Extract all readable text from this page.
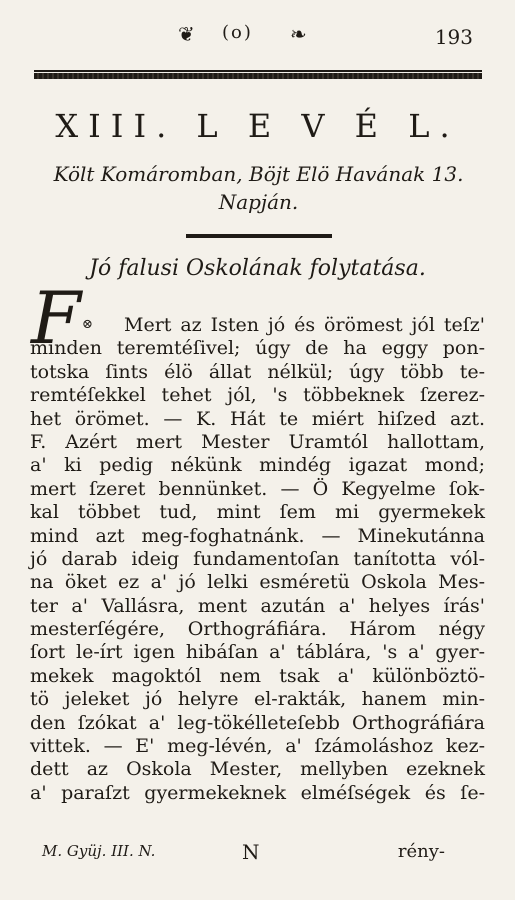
❦ (o) ❧	193
XIII. L E V É L.
Költ Komáromban, Böjt Elö Havának 13. Napján.
Jó falusi Oskolának folytatása.
F ⊗	Mert az Isten jó és örömest jól teſz'
minden teremtéſivel; úgy de ha eggy pon-
totska ſints élö állat nélkül; úgy több te-
remtéſekkel tehet jól, 's többeknek ſzerez-
het örömet. — K. Hát te miért hiſzed azt.
F. Azért mert Mester Uramtól hallottam,
a' ki pedig nékünk mindég igazat mond;
mert ſzeret bennünket. — Ö Kegyelme ſok-
kal többet tud, mint ſem mi gyermekek
mind azt meg-foghatnánk. — Minekutánna
jó darab ideig fundamentoſan tanította vól-
na öket ez a' jó lelki esméretü Oskola Mes-
ter a' Vallásra, ment azután a' helyes írás'
mesterſégére, Orthográfiára. Három négy
ſort le-írt igen hibáſan a' táblára, 's a' gyer-
mekek magoktól nem tsak a' különböztö-
tö jeleket jó helyre el-rakták, hanem min-
den ſzókat a' leg-tökélleteſebb Orthográfiára
vittek. — E' meg-lévén, a' ſzámoláshoz kez-
dett az Oskola Mester, mellyben ezeknek
a' paraſzt gyermekeknek elméſségek és ſe-
M. Gyüj. III. N.	N	rény-
